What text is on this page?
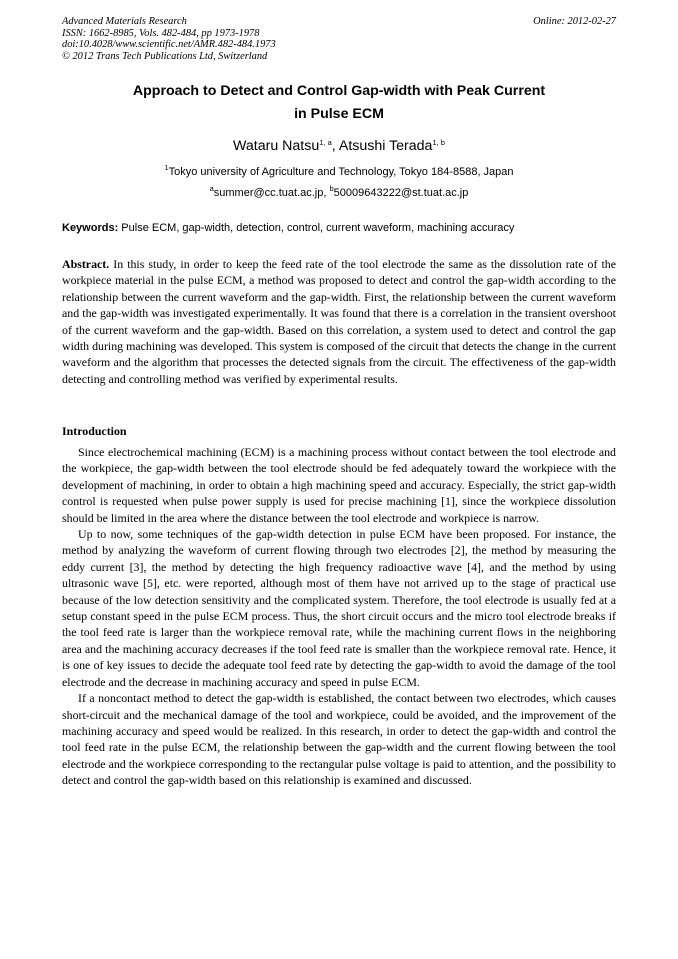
Advanced Materials Research
ISSN: 1662-8985, Vols. 482-484, pp 1973-1978
doi:10.4028/www.scientific.net/AMR.482-484.1973
© 2012 Trans Tech Publications Ltd, Switzerland
Online: 2012-02-27
Approach to Detect and Control Gap-width with Peak Current
in Pulse ECM
Wataru Natsu$^{1, a}$, Atsushi Terada$^{1, b}$
$^1$Tokyo university of Agriculture and Technology, Tokyo 184-8588, Japan
$^a$summer@cc.tuat.ac.jp, $^b$50009643222@st.tuat.ac.jp
Keywords: Pulse ECM, gap-width, detection, control, current waveform, machining accuracy
Abstract. In this study, in order to keep the feed rate of the tool electrode the same as the dissolution rate of the workpiece material in the pulse ECM, a method was proposed to detect and control the gap-width according to the relationship between the current waveform and the gap-width. First, the relationship between the current waveform and the gap-width was investigated experimentally. It was found that there is a correlation in the transient overshoot of the current waveform and the gap-width. Based on this correlation, a system used to detect and control the gap width during machining was developed. This system is composed of the circuit that detects the change in the current waveform and the algorithm that processes the detected signals from the circuit. The effectiveness of the gap-width detecting and controlling method was verified by experimental results.
Introduction

Since electrochemical machining (ECM) is a machining process without contact between the tool electrode and the workpiece, the gap-width between the tool electrode should be fed adequately toward the workpiece with the development of machining, in order to obtain a high machining speed and accuracy. Especially, the strict gap-width control is requested when pulse power supply is used for precise machining [1], since the workpiece dissolution should be limited in the area where the distance between the tool electrode and workpiece is narrow.

Up to now, some techniques of the gap-width detection in pulse ECM have been proposed. For instance, the method by analyzing the waveform of current flowing through two electrodes [2], the method by measuring the eddy current [3], the method by detecting the high frequency radioactive wave [4], and the method by using ultrasonic wave [5], etc. were reported, although most of them have not arrived up to the stage of practical use because of the low detection sensitivity and the complicated system. Therefore, the tool electrode is usually fed at a setup constant speed in the pulse ECM process. Thus, the short circuit occurs and the micro tool electrode breaks if the tool feed rate is larger than the workpiece removal rate, while the machining current flows in the neighboring area and the machining accuracy decreases if the tool feed rate is smaller than the workpiece removal rate. Hence, it is one of key issues to decide the adequate tool feed rate by detecting the gap-width to avoid the damage of the tool electrode and the decrease in machining accuracy and speed in pulse ECM.

If a noncontact method to detect the gap-width is established, the contact between two electrodes, which causes short-circuit and the mechanical damage of the tool and workpiece, could be avoided, and the improvement of the machining accuracy and speed would be realized. In this research, in order to detect the gap-width and control the tool feed rate in the pulse ECM, the relationship between the gap-width and the current flowing between the tool electrode and the workpiece corresponding to the rectangular pulse voltage is paid to attention, and the possibility to detect and control the gap-width based on this relationship is examined and discussed.
